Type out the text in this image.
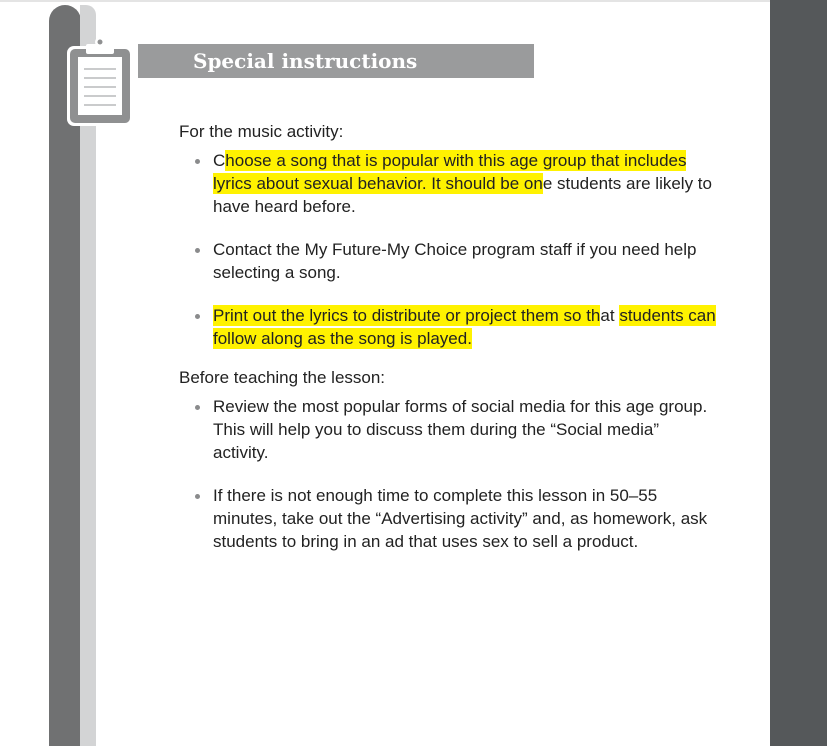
Special instructions

For the music activity:

Choose a song that is popular with this age group that includes lyrics about sexual behavior. It should be one students are likely to have heard before.
Contact the My Future-My Choice program staff if you need help selecting a song.
Print out the lyrics to distribute or project them so that students can follow along as the song is played.

Before teaching the lesson:

Review the most popular forms of social media for this age group. This will help you to discuss them during the “Social media” activity.
If there is not enough time to complete this lesson in 50–55 minutes, take out the “Advertising activity” and, as homework, ask students to bring in an ad that uses sex to sell a product.
